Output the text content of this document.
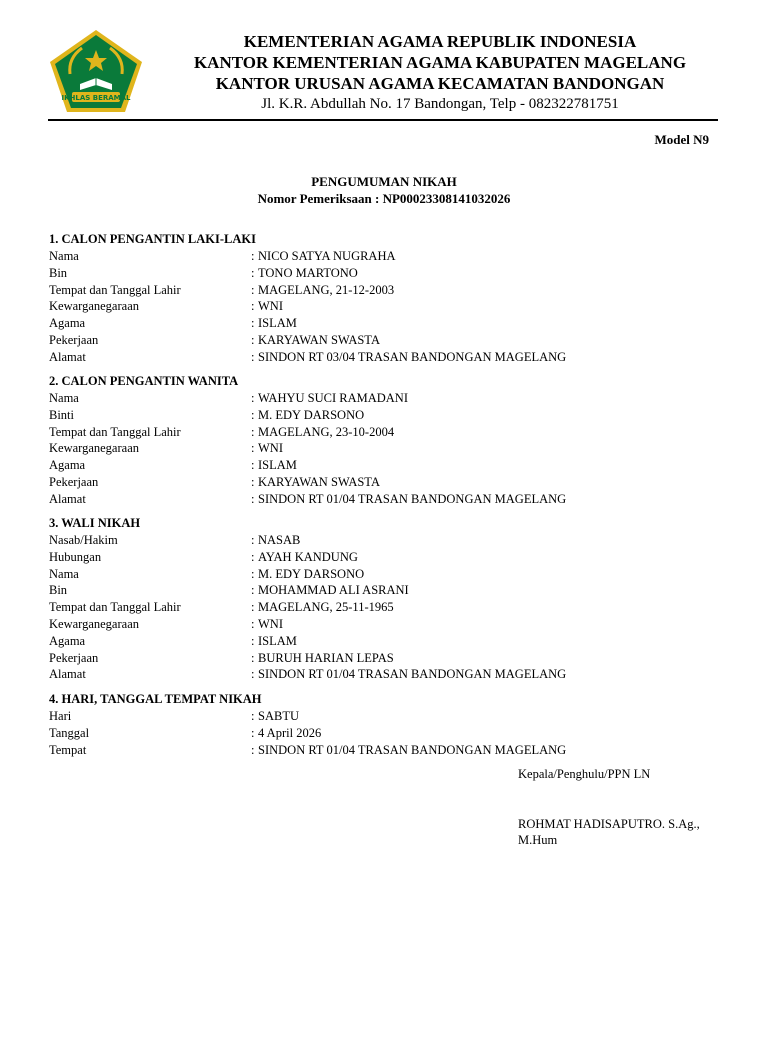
IKHLAS BERAMAL
KEMENTERIAN AGAMA REPUBLIK INDONESIA
KANTOR KEMENTERIAN AGAMA KABUPATEN MAGELANG
KANTOR URUSAN AGAMA KECAMATAN BANDONGAN
Jl. K.R. Abdullah No. 17 Bandongan, Telp - 082322781751
Model N9
PENGUMUMAN NIKAH
Nomor Pemeriksaan : NP00023308141032026
1. CALON PENGANTIN LAKI-LAKI
Nama	: NICO SATYA NUGRAHA
Bin	: TONO MARTONO
Tempat dan Tanggal Lahir	: MAGELANG, 21-12-2003
Kewarganegaraan	: WNI
Agama	: ISLAM
Pekerjaan	: KARYAWAN SWASTA
Alamat	: SINDON RT 03/04 TRASAN BANDONGAN MAGELANG
2. CALON PENGANTIN WANITA
Nama	: WAHYU SUCI RAMADANI
Binti	: M. EDY DARSONO
Tempat dan Tanggal Lahir	: MAGELANG, 23-10-2004
Kewarganegaraan	: WNI
Agama	: ISLAM
Pekerjaan	: KARYAWAN SWASTA
Alamat	: SINDON RT 01/04 TRASAN BANDONGAN MAGELANG
3. WALI NIKAH
Nasab/Hakim	: NASAB
Hubungan	: AYAH KANDUNG
Nama	: M. EDY DARSONO
Bin	: MOHAMMAD ALI ASRANI
Tempat dan Tanggal Lahir	: MAGELANG, 25-11-1965
Kewarganegaraan	: WNI
Agama	: ISLAM
Pekerjaan	: BURUH HARIAN LEPAS
Alamat	: SINDON RT 01/04 TRASAN BANDONGAN MAGELANG
4. HARI, TANGGAL TEMPAT NIKAH
Hari	: SABTU
Tanggal	: 4 April 2026
Tempat	: SINDON RT 01/04 TRASAN BANDONGAN MAGELANG
Kepala/Penghulu/PPN LN
ROHMAT HADISAPUTRO. S.Ag.,
M.Hum
